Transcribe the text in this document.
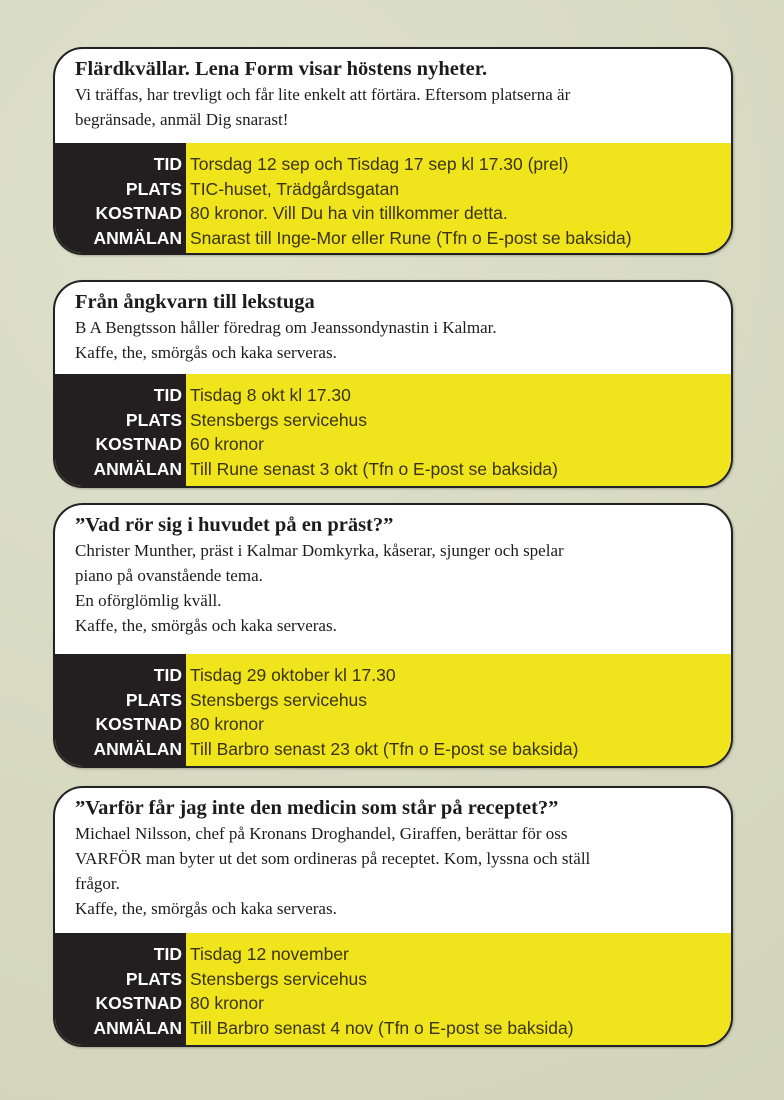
Flärdkvällar. Lena Form visar höstens nyheter.

Vi träffas, har trevligt och får lite enkelt att förtära. Eftersom platserna är

begränsade, anmäl Dig snarast!

TID
PLATS
KOSTNAD
ANMÄLAN
Torsdag 12 sep och Tisdag 17 sep kl 17.30 (prel)
TIC-huset, Trädgårdsgatan
80 kronor. Vill Du ha vin tillkommer detta.
Snarast till Inge-Mor eller Rune (Tfn o E-post se baksida)

Från ångkvarn till lekstuga

B A Bengtsson håller föredrag om Jeanssondynastin i Kalmar.

Kaffe, the, smörgås och kaka serveras.

TID
PLATS
KOSTNAD
ANMÄLAN
Tisdag 8 okt kl 17.30
Stensbergs servicehus
60 kronor
Till Rune senast 3 okt (Tfn o E-post se baksida)

”Vad rör sig i huvudet på en präst?”

Christer Munther, präst i Kalmar Domkyrka, kåserar, sjunger och spelar

piano på ovanstående tema.

En oförglömlig kväll.

Kaffe, the, smörgås och kaka serveras.

TID
PLATS
KOSTNAD
ANMÄLAN
Tisdag 29 oktober kl 17.30
Stensbergs servicehus
80 kronor
Till Barbro senast 23 okt (Tfn o E-post se baksida)

”Varför får jag inte den medicin som står på receptet?”

Michael Nilsson, chef på Kronans Droghandel, Giraffen, berättar för oss

VARFÖR man byter ut det som ordineras på receptet. Kom, lyssna och ställ

frågor.

Kaffe, the, smörgås och kaka serveras.

TID
PLATS
KOSTNAD
ANMÄLAN
Tisdag 12 november
Stensbergs servicehus
80 kronor
Till Barbro senast 4 nov (Tfn o E-post se baksida)
